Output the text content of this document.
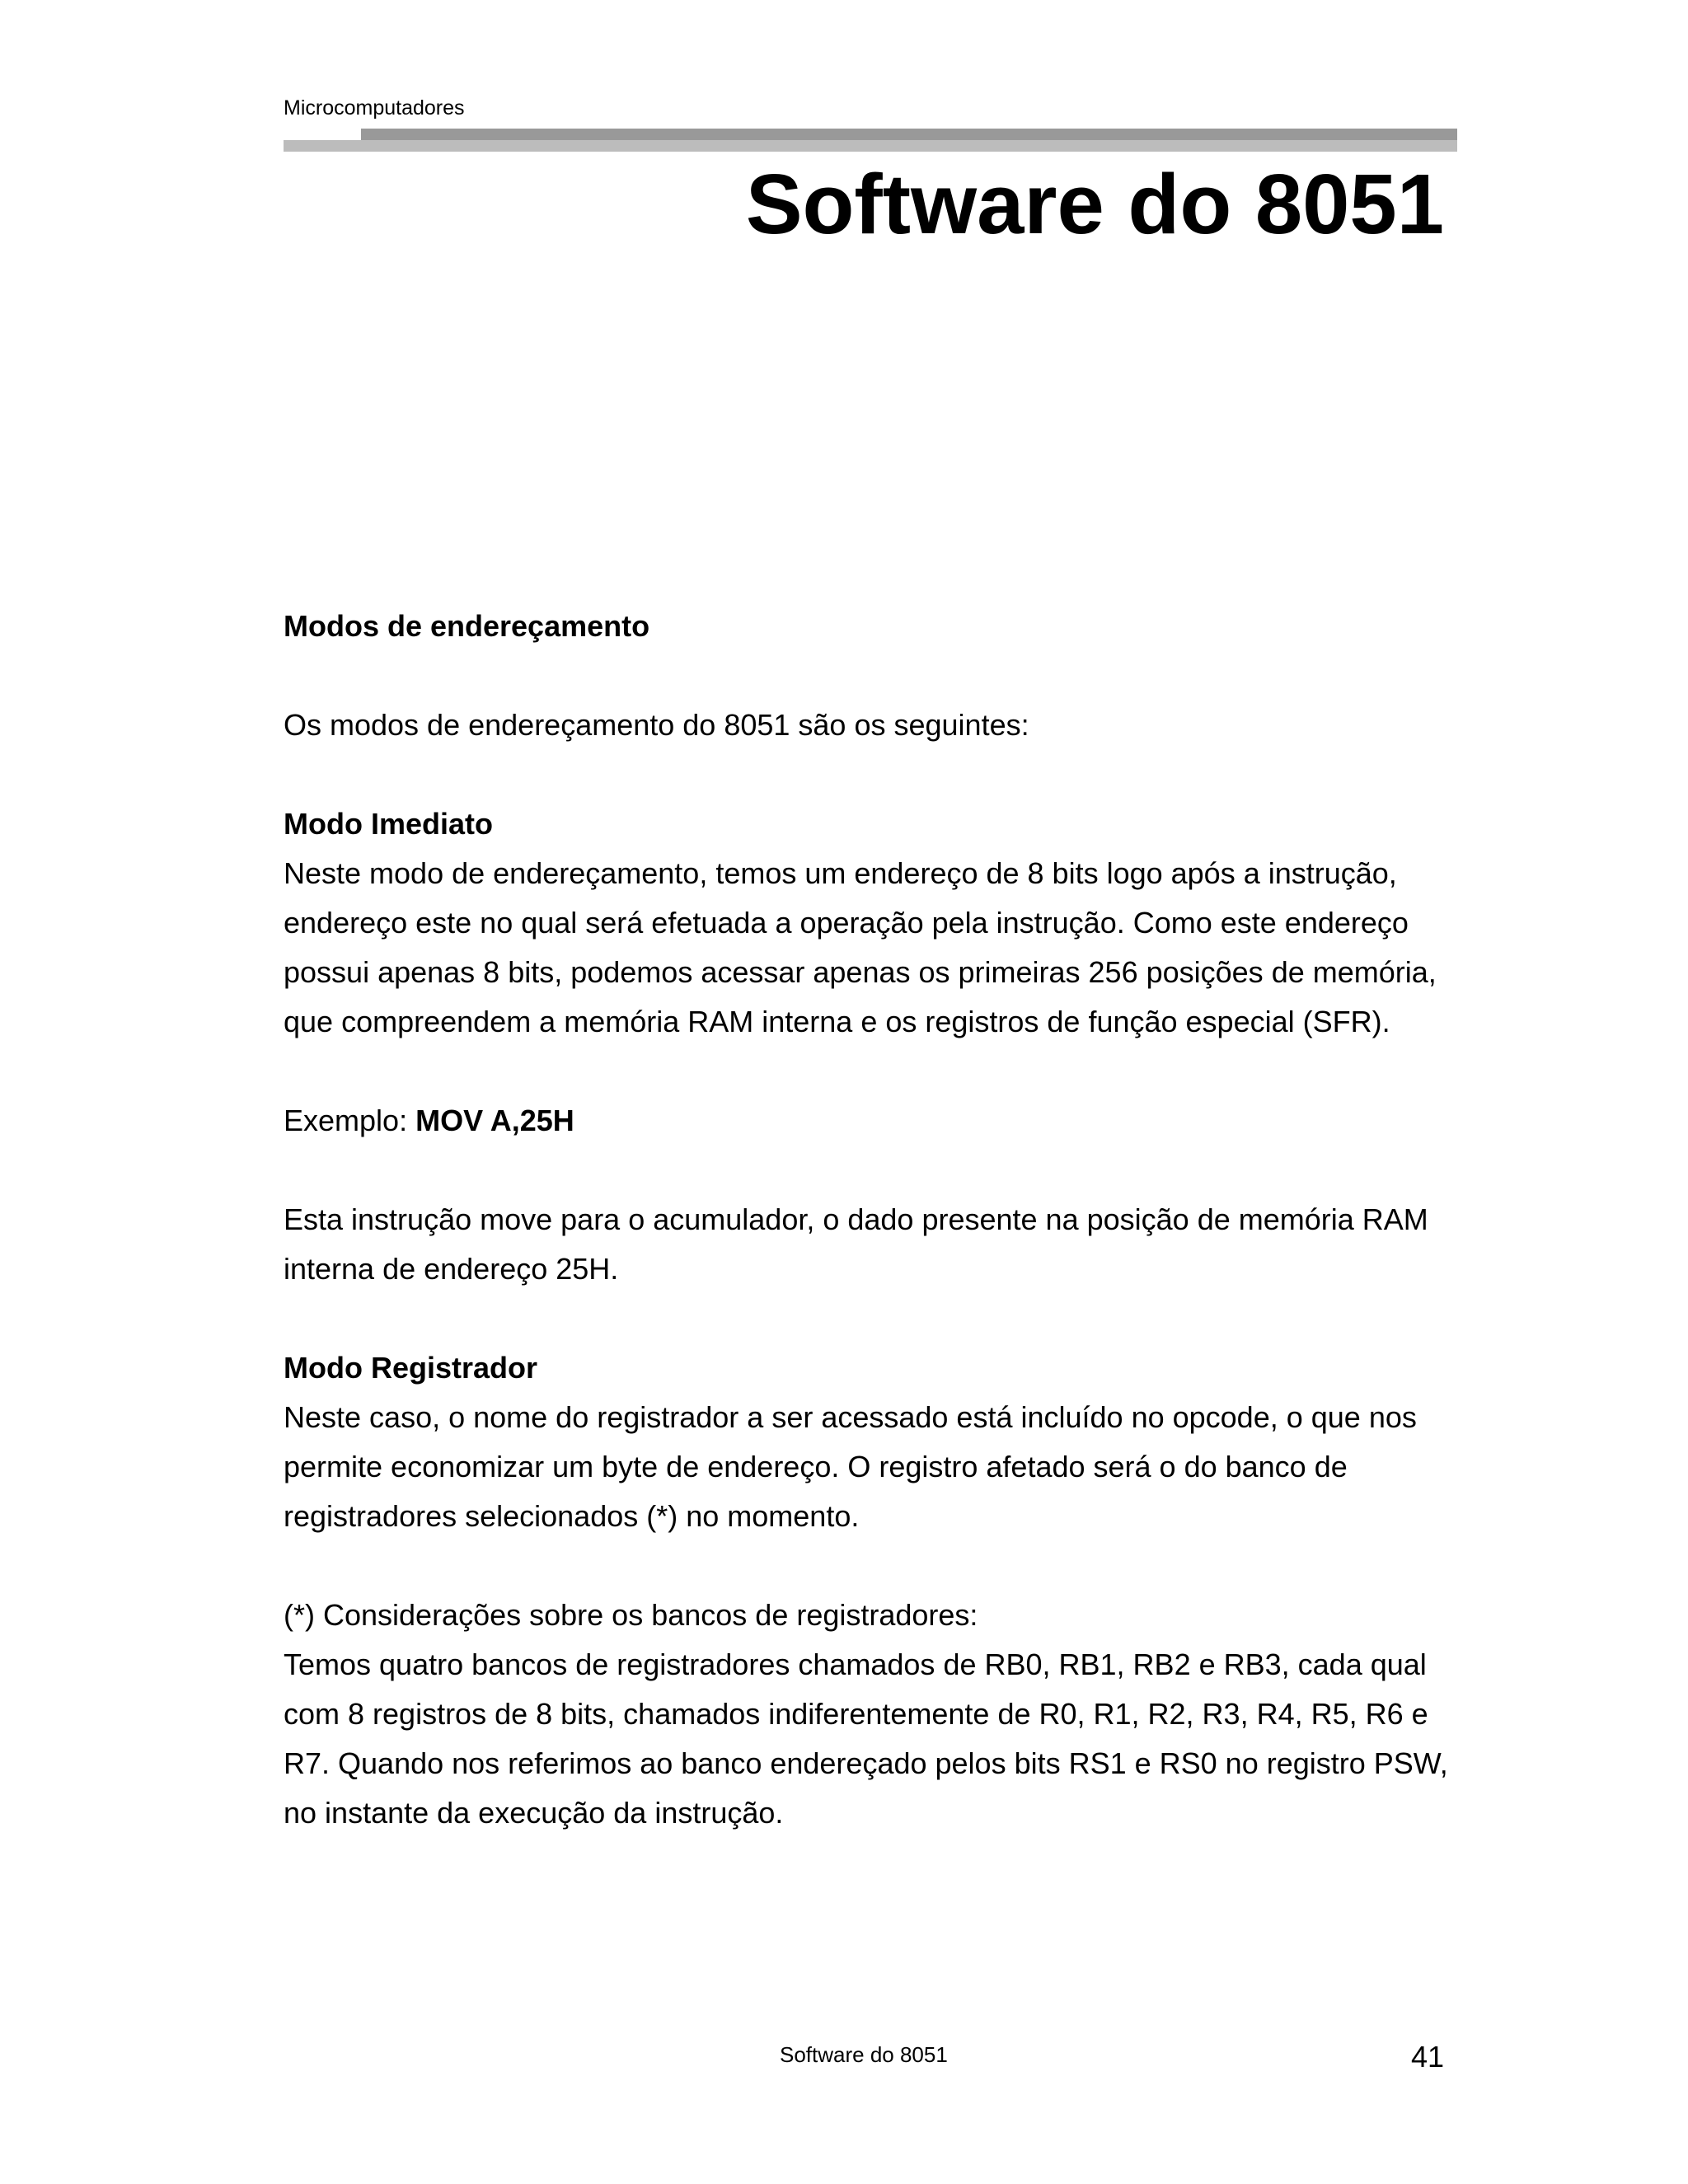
Microcomputadores
Software do 8051

Modos de endereçamento

Os modos de endereçamento do 8051 são os seguintes:

Modo Imediato

Neste modo de endereçamento, temos um endereço de 8 bits logo após a instrução, endereço este no qual será efetuada a operação pela instrução. Como este endereço possui apenas 8 bits, podemos acessar apenas os primeiras 256 posições de memória, que compreendem a memória RAM interna e os registros de função especial (SFR).

Exemplo: MOV A,25H

Esta instrução move para o acumulador, o dado presente na posição de memória RAM interna de endereço 25H.

Modo Registrador

Neste caso, o nome do registrador a ser acessado está incluído no opcode, o que nos permite economizar um byte de endereço. O registro afetado será o do banco de registradores selecionados (*) no momento.

(*) Considerações sobre os bancos de registradores:

Temos quatro bancos de registradores chamados de RB0, RB1, RB2 e RB3, cada qual com 8 registros de 8 bits, chamados indiferentemente de R0, R1, R2, R3, R4, R5, R6 e R7. Quando nos referimos ao banco endereçado pelos bits RS1 e RS0 no registro PSW, no instante da execução da instrução.

Software do 8051	41
